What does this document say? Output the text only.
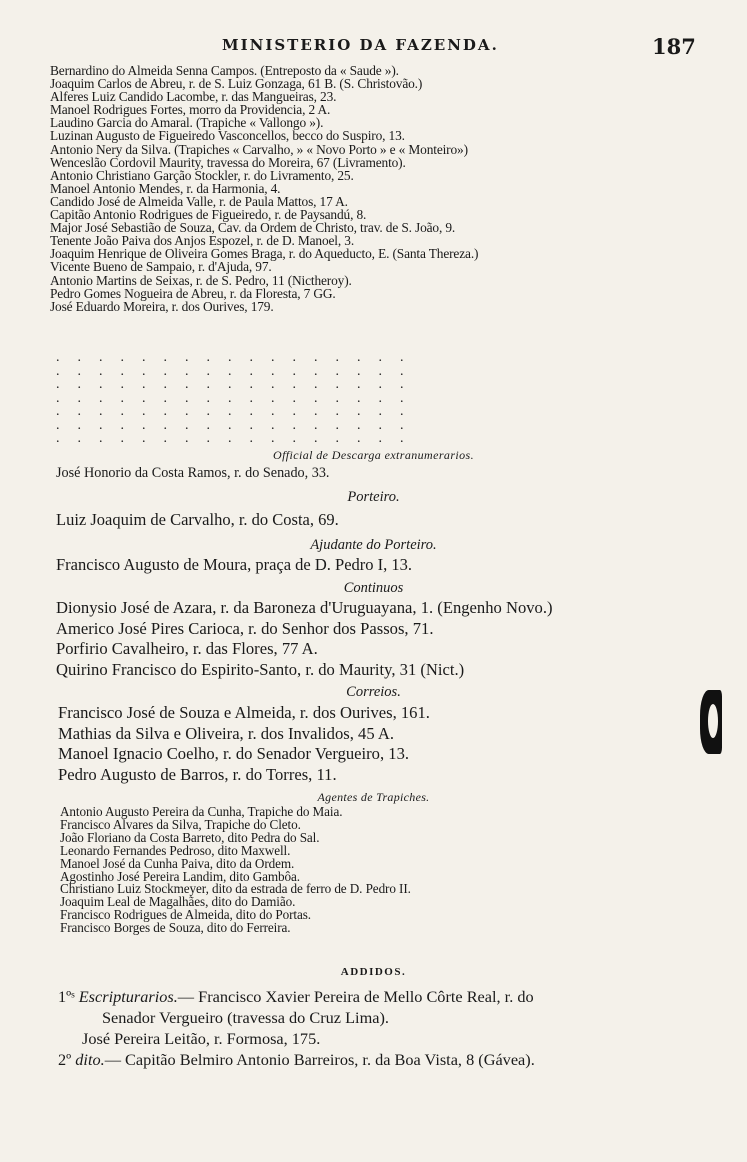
MINISTERIO DA FAZENDA.	187
Bernardino do Almeida Senna Campos. (Entreposto da « Saude »).
Joaquim Carlos de Abreu, r. de S. Luiz Gonzaga, 61 B. (S. Christovão.)
Alferes Luiz Candido Lacombe, r. das Mangueiras, 23.
Manoel Rodrigues Fortes, morro da Providencia, 2 A.
Laudino Garcia do Amaral. (Trapiche « Vallongo »).
Luzinan Augusto de Figueiredo Vasconcellos, becco do Suspiro, 13.
Antonio Nery da Silva. (Trapiches « Carvalho, » « Novo Porto » e « Monteiro»)
Wenceslão Cordovil Maurity, travessa do Moreira, 67 (Livramento).
Antonio Christiano Garção Stockler, r. do Livramento, 25.
Manoel Antonio Mendes, r. da Harmonia, 4.
Candido José de Almeida Valle, r. de Paula Mattos, 17 A.
Capitão Antonio Rodrigues de Figueiredo, r. de Paysandú, 8.
Major José Sebastião de Souza, Cav. da Ordem de Christo, trav. de S. João, 9.
Tenente João Paiva dos Anjos Espozel, r. de D. Manoel, 3.
Joaquim Henrique de Oliveira Gomes Braga, r. do Aqueducto, E. (Santa Thereza.)
Vicente Bueno de Sampaio, r. d'Ajuda, 97.
Antonio Martins de Seixas, r. de S. Pedro, 11 (Nictheroy).
Pedro Gomes Nogueira de Abreu, r. da Floresta, 7 GG.
José Eduardo Moreira, r. dos Ourives, 179.
. . . . . . . . . . . . . . . . .
. . . . . . . . . . . . . . . . .
. . . . . . . . . . . . . . . . .
. . . . . . . . . . . . . . . . .
. . . . . . . . . . . . . . . . .
. . . . . . . . . . . . . . . . .
. . . . . . . . . . . . . . . . .
Official de Descarga extranumerarios.
José Honorio da Costa Ramos, r. do Senado, 33.
Porteiro.
Luiz Joaquim de Carvalho, r. do Costa, 69.
Ajudante do Porteiro.
Francisco Augusto de Moura, praça de D. Pedro I, 13.
Continuos
Dionysio José de Azara, r. da Baroneza d'Uruguayana, 1. (Engenho Novo.)
Americo José Pires Carioca, r. do Senhor dos Passos, 71.
Porfirio Cavalheiro, r. das Flores, 77 A.
Quirino Francisco do Espirito-Santo, r. do Maurity, 31 (Nict.)
Correios.
Francisco José de Souza e Almeida, r. dos Ourives, 161.
Mathias da Silva e Oliveira, r. dos Invalidos, 45 A.
Manoel Ignacio Coelho, r. do Senador Vergueiro, 13.
Pedro Augusto de Barros, r. do Torres, 11.
Agentes de Trapiches.
Antonio Augusto Pereira da Cunha, Trapiche do Maia.
Francisco Alvares da Silva, Trapiche do Cleto.
João Floriano da Costa Barreto, dito Pedra do Sal.
Leonardo Fernandes Pedroso, dito Maxwell.
Manoel José da Cunha Paiva, dito da Ordem.
Agostinho José Pereira Landim, dito Gambôa.
Christiano Luiz Stockmeyer, dito da estrada de ferro de D. Pedro II.
Joaquim Leal de Magalhães, dito do Damião.
Francisco Rodrigues de Almeida, dito do Portas.
Francisco Borges de Souza, dito do Ferreira.
ADDIDOS.
1ºˢ Escripturarios.— Francisco Xavier Pereira de Mello Côrte Real, r. do
Senador Vergueiro (travessa do Cruz Lima).
José Pereira Leitão, r. Formosa, 175.
2º dito.— Capitão Belmiro Antonio Barreiros, r. da Boa Vista, 8 (Gávea).
